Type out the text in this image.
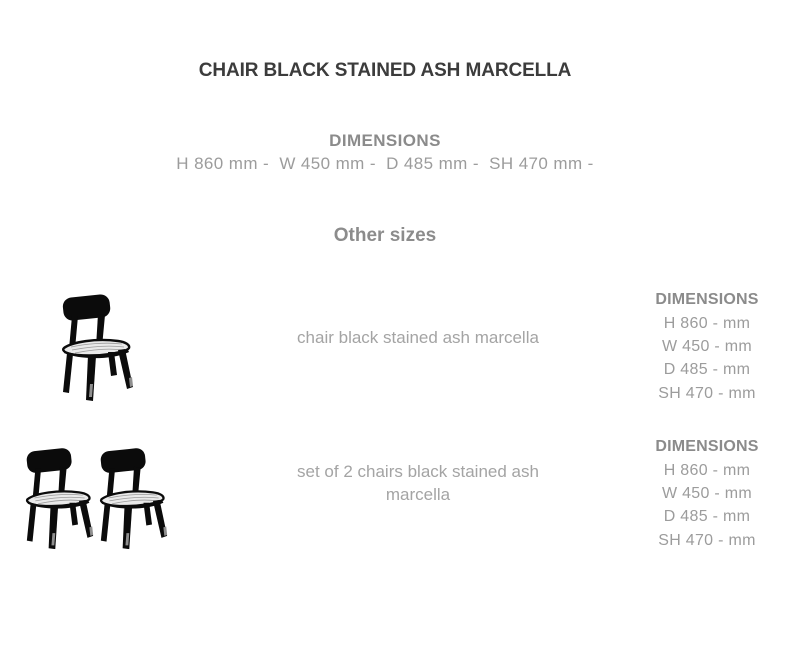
CHAIR BLACK STAINED ASH MARCELLA
DIMENSIONS
H 860 mm -  W 450 mm -  D 485 mm -  SH 470 mm -
Other sizes
chair black stained ash marcella
DIMENSIONS
H 860 - mm
W 450 - mm
D 485 - mm
SH 470 - mm
set of 2 chairs black stained ash marcella
DIMENSIONS
H 860 - mm
W 450 - mm
D 485 - mm
SH 470 - mm
